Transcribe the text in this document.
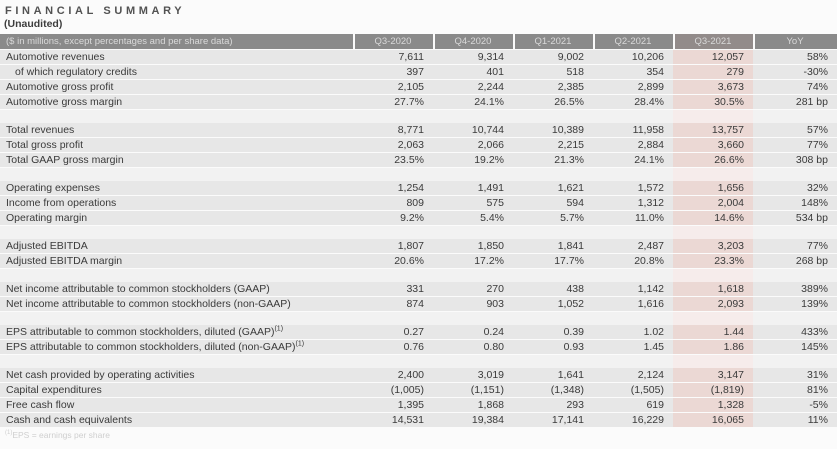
FINANCIAL SUMMARY
(Unaudited)
($ in millions, except percentages and per share data)	Q3-2020	Q4-2020	Q1-2021	Q2-2021	Q3-2021	YoY
Automotive revenues	7,611	9,314	9,002	10,206	12,057	58%
of which regulatory credits	397	401	518	354	279	-30%
Automotive gross profit	2,105	2,244	2,385	2,899	3,673	74%
Automotive gross margin	27.7%	24.1%	26.5%	28.4%	30.5%	281 bp
Total revenues	8,771	10,744	10,389	11,958	13,757	57%
Total gross profit	2,063	2,066	2,215	2,884	3,660	77%
Total GAAP gross margin	23.5%	19.2%	21.3%	24.1%	26.6%	308 bp
Operating expenses	1,254	1,491	1,621	1,572	1,656	32%
Income from operations	809	575	594	1,312	2,004	148%
Operating margin	9.2%	5.4%	5.7%	11.0%	14.6%	534 bp
Adjusted EBITDA	1,807	1,850	1,841	2,487	3,203	77%
Adjusted EBITDA margin	20.6%	17.2%	17.7%	20.8%	23.3%	268 bp
Net income attributable to common stockholders (GAAP)	331	270	438	1,142	1,618	389%
Net income attributable to common stockholders (non-GAAP)	874	903	1,052	1,616	2,093	139%
EPS attributable to common stockholders, diluted (GAAP)$^{(1)}$	0.27	0.24	0.39	1.02	1.44	433%
EPS attributable to common stockholders, diluted (non-GAAP)$^{(1)}$	0.76	0.80	0.93	1.45	1.86	145%
Net cash provided by operating activities	2,400	3,019	1,641	2,124	3,147	31%
Capital expenditures	(1,005)	(1,151)	(1,348)	(1,505)	(1,819)	81%
Free cash flow	1,395	1,868	293	619	1,328	-5%
Cash and cash equivalents	14,531	19,384	17,141	16,229	16,065	11%
$^{(1)}$EPS = earnings per share
